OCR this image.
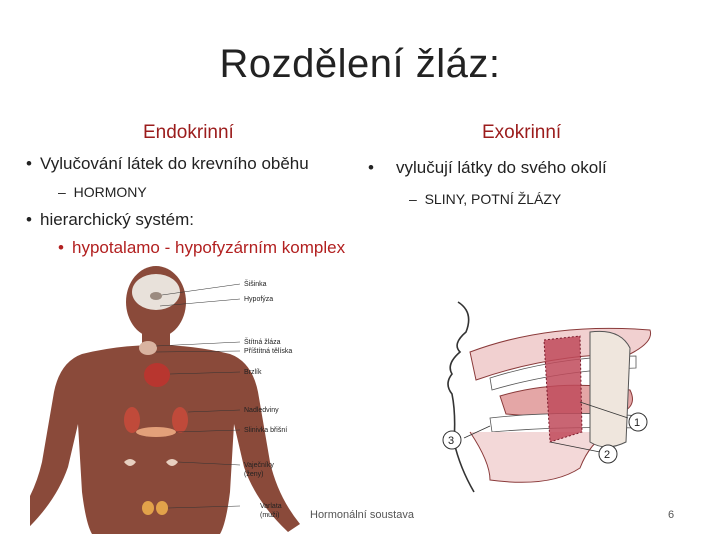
Rozdělení žláz:
Endokrinní
• Vylučování látek do krevního oběhu
–  HORMONY
• hierarchický systém:
• hypotalamo - hypofyzárním komplex
Exokrinní
• vylučují látky do svého okolí
–  SLINY, POTNÍ ŽLÁZY
Šišinka
Hypofýza
Štítná žláza
Příštítná tělíska
Brzlík
Nadledviny
Slinivka břišní
Vaječníky
(ženy)
Varlata
(muži)
1
2
3
Hormonální soustava	6
